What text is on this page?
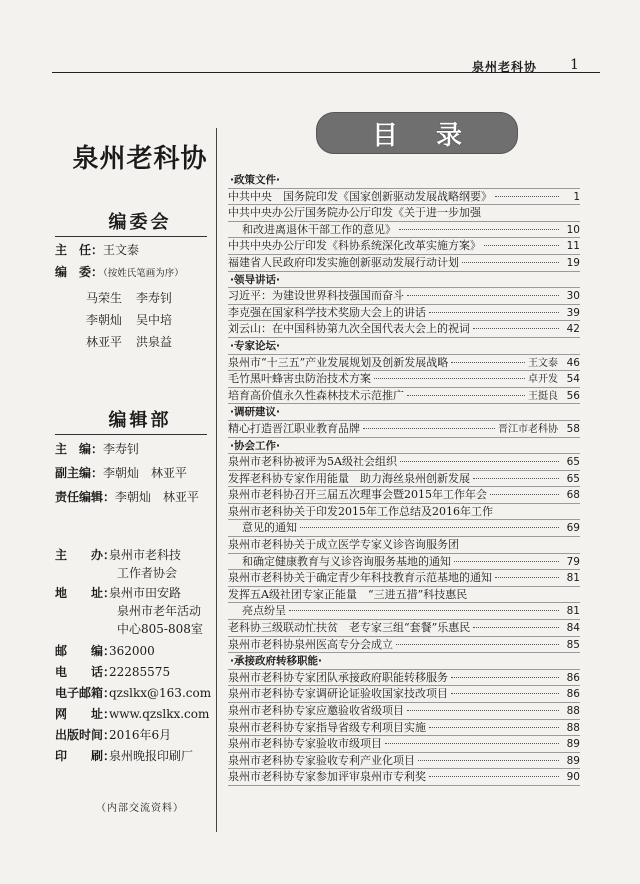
泉州老科协 1
泉州老科协
编委会
主　任：王文泰
编　委：（按姓氏笔画为序）
马荣生 李寿钊
李朝灿 吴中培
林亚平 洪泉益
编辑部
主　编：李寿钊
副主编：李朝灿　林亚平
责任编辑：李朝灿　林亚平
主　　办：泉州市老科技
工作者协会
地　　址：泉州市田安路
泉州市老年活动
中心805-808室
邮　　编：362000
电　　话：22285575
电子邮箱：qzslkx@163.com
网　　址：www.qzslkx.com
出版时间：2016年6月
印　　刷：泉州晚报印刷厂
（内部交流资料）
目 录
·政策文件·
中共中央　国务院印发《国家创新驱动发展战略纲要》	1
中共中央办公厅国务院办公厅印发《关于进一步加强
和改进离退休干部工作的意见》	10
中共中央办公厅印发《科协系统深化改革实施方案》	11
福建省人民政府印发实施创新驱动发展行动计划	19
·领导讲话·
习近平：为建设世界科技强国而奋斗	30
李克强在国家科学技术奖励大会上的讲话	39
刘云山：在中国科协第九次全国代表大会上的祝词	42
·专家论坛·
泉州市“十三五”产业发展规划及创新发展战略	王文泰 46
毛竹黑叶蜂害虫防治技术方案	卓开发 54
培育高价值永久性森林技术示范推广	王挺良 56
·调研建议·
精心打造晋江职业教育品牌	晋江市老科协 58
·协会工作·
泉州市老科协被评为5A级社会组织	65
发挥老科协专家作用能量　助力海丝泉州创新发展	65
泉州市老科协召开三届五次理事会暨2015年工作年会	68
泉州市老科协关于印发2015年工作总结及2016年工作
意见的通知	69
泉州市老科协关于成立医学专家义诊咨询服务团
和确定健康教育与义诊咨询服务基地的通知	79
泉州市老科协关于确定青少年科技教育示范基地的通知	81
发挥五A级社团专家正能量　“三进五措”科技惠民
亮点纷呈	81
老科协三级联动忙扶贫　老专家三组“套餐”乐惠民	84
泉州市老科协泉州医高专分会成立	85
·承接政府转移职能·
泉州市老科协专家团队承接政府职能转移服务	86
泉州市老科协专家调研论证验收国家技改项目	86
泉州市老科协专家应邀验收省级项目	88
泉州市老科协专家指导省级专利项目实施	88
泉州市老科协专家验收市级项目	89
泉州市老科协专家验收专利产业化项目	89
泉州市老科协专家参加评审泉州市专利奖	90
